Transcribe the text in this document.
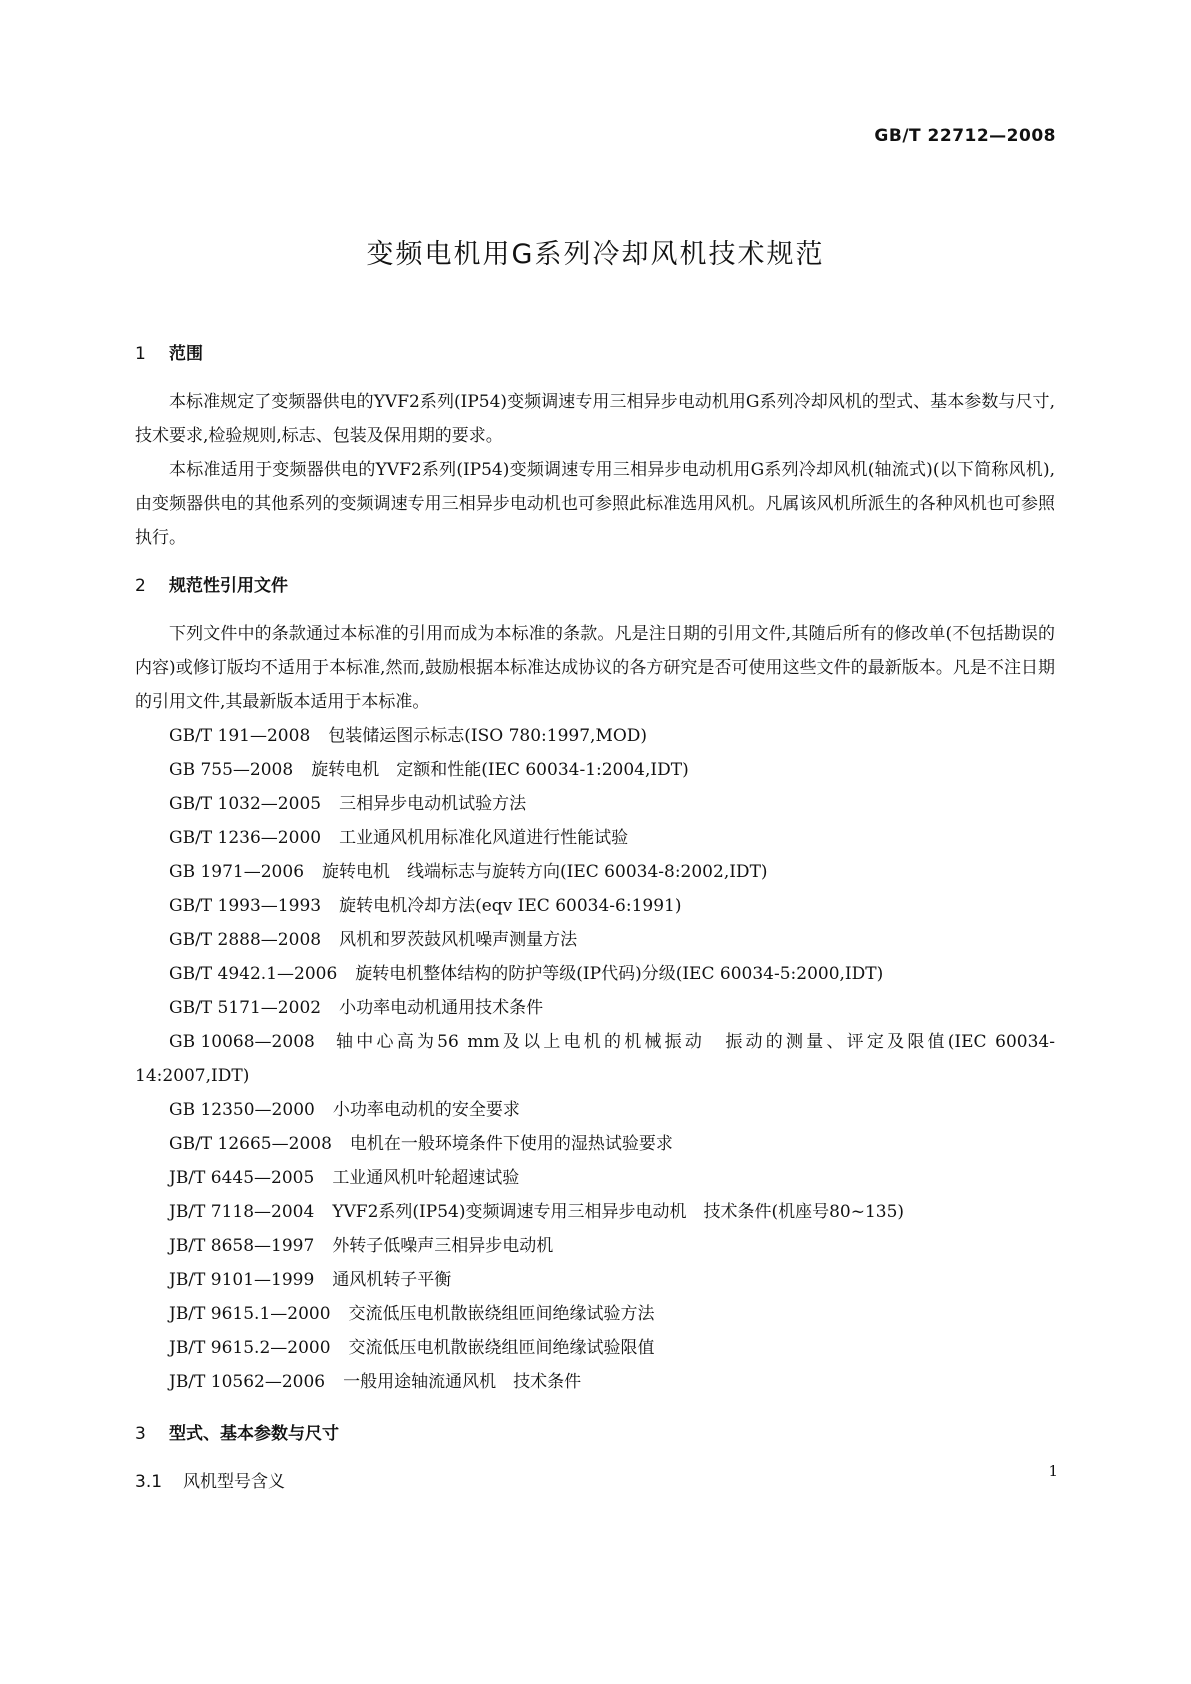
GB/T 22712—2008
变频电机用G系列冷却风机技术规范
1 范围

本标准规定了变频器供电的YVF2系列(IP54)变频调速专用三相异步电动机用G系列冷却风机的型式、基本参数与尺寸,技术要求,检验规则,标志、包装及保用期的要求。

本标准适用于变频器供电的YVF2系列(IP54)变频调速专用三相异步电动机用G系列冷却风机(轴流式)(以下简称风机),由变频器供电的其他系列的变频调速专用三相异步电动机也可参照此标准选用风机。凡属该风机所派生的各种风机也可参照执行。

2 规范性引用文件

下列文件中的条款通过本标准的引用而成为本标准的条款。凡是注日期的引用文件,其随后所有的修改单(不包括勘误的内容)或修订版均不适用于本标准,然而,鼓励根据本标准达成协议的各方研究是否可使用这些文件的最新版本。凡是不注日期的引用文件,其最新版本适用于本标准。

GB/T 191—2008 包装储运图示标志(ISO 780:1997,MOD)
GB 755—2008 旋转电机　定额和性能(IEC 60034-1:2004,IDT)
GB/T 1032—2005 三相异步电动机试验方法
GB/T 1236—2000 工业通风机用标准化风道进行性能试验
GB 1971—2006 旋转电机　线端标志与旋转方向(IEC 60034-8:2002,IDT)
GB/T 1993—1993 旋转电机冷却方法(eqv IEC 60034-6:1991)
GB/T 2888—2008 风机和罗茨鼓风机噪声测量方法
GB/T 4942.1—2006 旋转电机整体结构的防护等级(IP代码)分级(IEC 60034-5:2000,IDT)
GB/T 5171—2002 小功率电动机通用技术条件
GB 10068—2008 轴中心高为56 mm及以上电机的机械振动　振动的测量、评定及限值(IEC 60034-14:2007,IDT)
GB 12350—2000 小功率电动机的安全要求
GB/T 12665—2008 电机在一般环境条件下使用的湿热试验要求
JB/T 6445—2005 工业通风机叶轮超速试验
JB/T 7118—2004 YVF2系列(IP54)变频调速专用三相异步电动机　技术条件(机座号80~135)
JB/T 8658—1997 外转子低噪声三相异步电动机
JB/T 9101—1999 通风机转子平衡
JB/T 9615.1—2000 交流低压电机散嵌绕组匝间绝缘试验方法
JB/T 9615.2—2000 交流低压电机散嵌绕组匝间绝缘试验限值
JB/T 10562—2006 一般用途轴流通风机　技术条件
3 型式、基本参数与尺寸
3.1 风机型号含义
1
